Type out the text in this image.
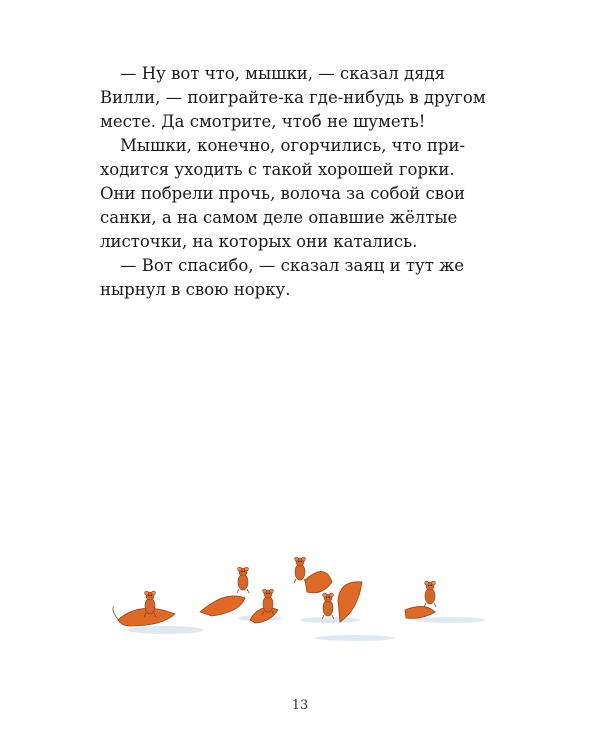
— Ну вот что, мышки, — сказал дядя
Вилли, — поиграйте-ка где-нибудь в другом
месте. Да смотрите, чтоб не шуметь!

Мышки, конечно, огорчились, что при-
ходится уходить с такой хорошей горки.
Они побрели прочь, волоча за собой свои
санки, а на самом деле опавшие жёлтые
листочки, на которых они катались.

— Вот спасибо, — сказал заяц и тут же
нырнул в свою норку.

13
